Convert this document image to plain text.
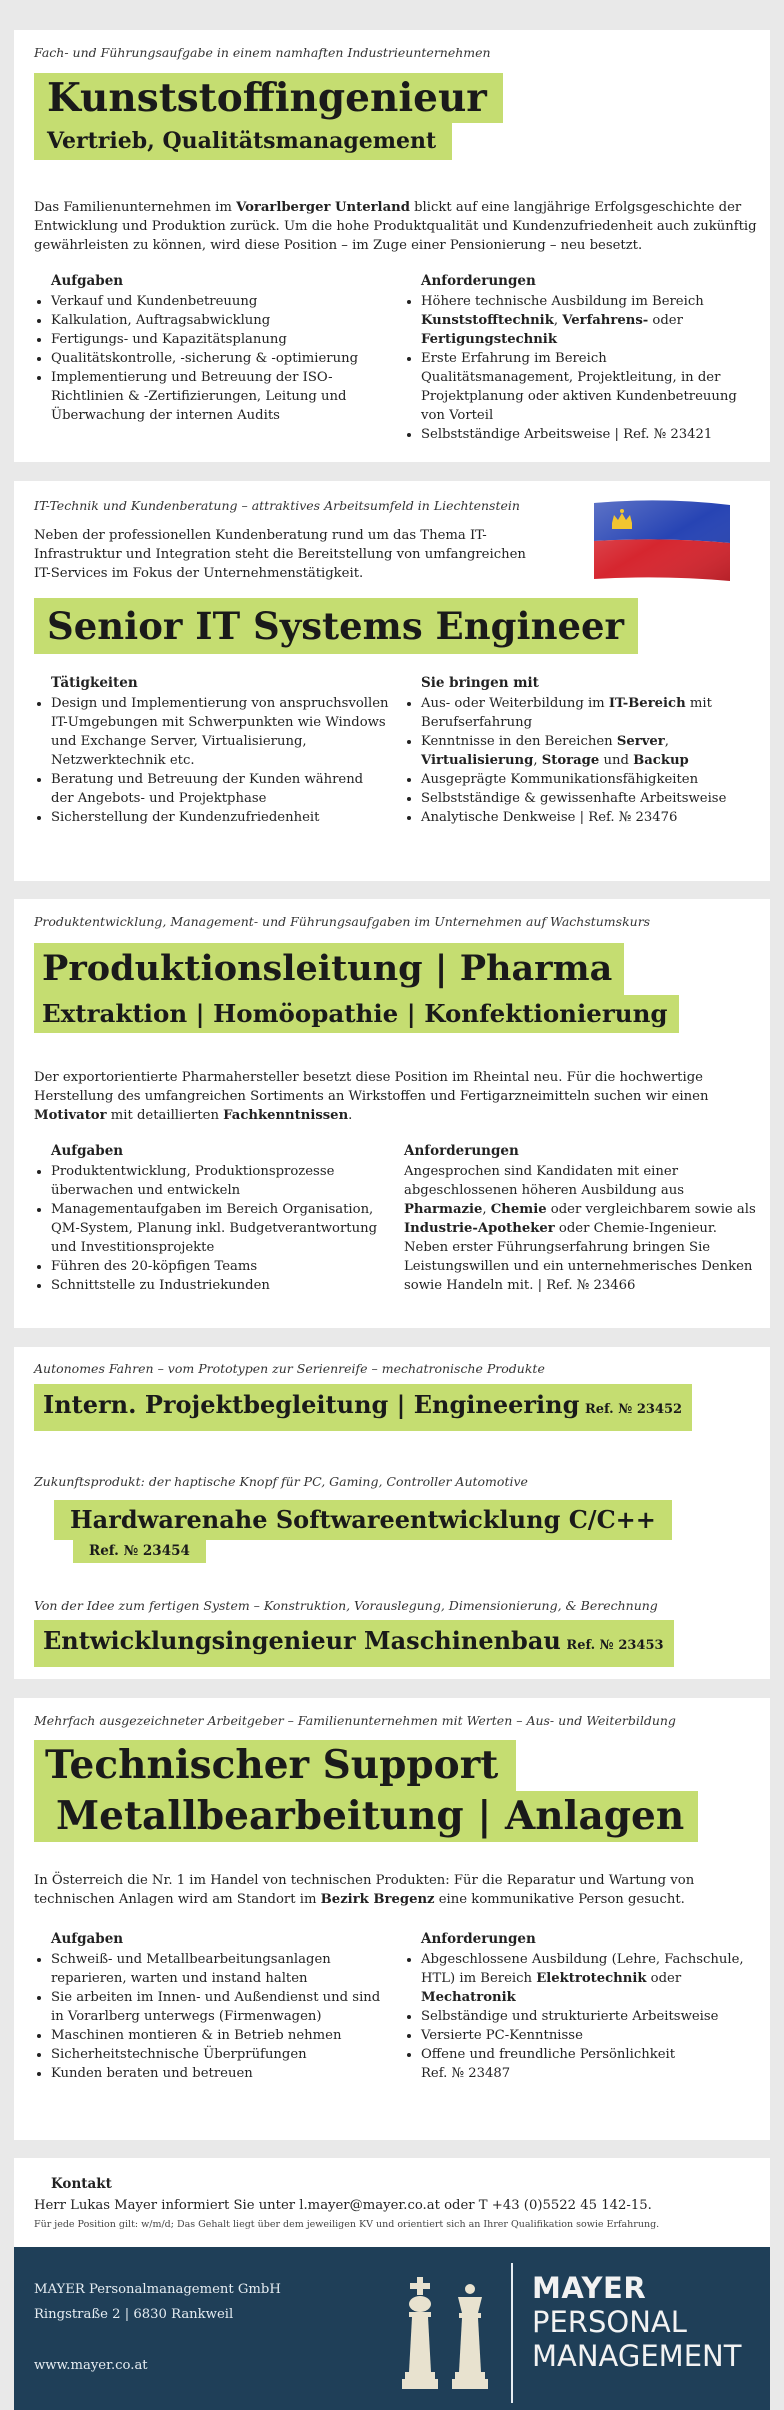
Fach- und Führungsaufgabe in einem namhaften Industrieunternehmen
Kunststoffingenieur
Vertrieb, Qualitätsmanagement
Das Familienunternehmen im Vorarlberger Unterland blickt auf eine langjährige Erfolgsgeschichte der Entwicklung und Produktion zurück. Um die hohe Produktqualität und Kundenzufriedenheit auch zukünftig gewährleisten zu können, wird diese Position – im Zuge einer Pensionierung – neu besetzt.
Aufgaben
• Verkauf und Kundenbetreuung
• Kalkulation, Auftragsabwicklung
• Fertigungs- und Kapazitätsplanung
• Qualitätskontrolle, -sicherung & -optimierung
• Implementierung und Betreuung der ISO-Richtlinien & -Zertifizierungen, Leitung und Überwachung der internen Audits
Anforderungen
• Höhere technische Ausbildung im Bereich Kunststofftechnik, Verfahrens- oder Fertigungstechnik
• Erste Erfahrung im Bereich Qualitätsmanagement, Projektleitung, in der Projektplanung oder aktiven Kundenbetreuung von Vorteil
• Selbstständige Arbeitsweise | Ref. № 23421
IT-Technik und Kundenberatung – attraktives Arbeitsumfeld in Liechtenstein
Neben der professionellen Kundenberatung rund um das Thema IT-Infrastruktur und Integration steht die Bereitstellung von umfangreichen IT-Services im Fokus der Unternehmenstätigkeit.
Senior IT Systems Engineer
Tätigkeiten
• Design und Implementierung von anspruchsvollen IT-Umgebungen mit Schwerpunkten wie Windows und Exchange Server, Virtualisierung, Netzwerktechnik etc.
• Beratung und Betreuung der Kunden während der Angebots- und Projektphase
• Sicherstellung der Kundenzufriedenheit
Sie bringen mit
• Aus- oder Weiterbildung im IT-Bereich mit Berufserfahrung
• Kenntnisse in den Bereichen Server, Virtualisierung, Storage und Backup
• Ausgeprägte Kommunikationsfähigkeiten
• Selbstständige & gewissenhafte Arbeitsweise
• Analytische Denkweise | Ref. № 23476
Produktentwicklung, Management- und Führungsaufgaben im Unternehmen auf Wachstumskurs
Produktionsleitung | Pharma
Extraktion | Homöopathie | Konfektionierung
Der exportorientierte Pharmahersteller besetzt diese Position im Rheintal neu. Für die hochwertige Herstellung des umfangreichen Sortiments an Wirkstoffen und Fertigarzneimitteln suchen wir einen Motivator mit detaillierten Fachkenntnissen.
Aufgaben
• Produktentwicklung, Produktionsprozesse überwachen und entwickeln
• Managementaufgaben im Bereich Organisation, QM-System, Planung inkl. Budgetverantwortung und Investitionsprojekte
• Führen des 20-köpfigen Teams
• Schnittstelle zu Industriekunden
Anforderungen
Angesprochen sind Kandidaten mit einer abgeschlossenen höheren Ausbildung aus Pharmazie, Chemie oder vergleichbarem sowie als Industrie-Apotheker oder Chemie-Ingenieur. Neben erster Führungserfahrung bringen Sie Leistungswillen und ein unternehmerisches Denken sowie Handeln mit. | Ref. № 23466
Autonomes Fahren – vom Prototypen zur Serienreife – mechatronische Produkte
Intern. Projektbegleitung | Engineering Ref. № 23452
Zukunftsprodukt: der haptische Knopf für PC, Gaming, Controller Automotive
Hardwarenahe Softwareentwicklung C/C++
Ref. № 23454
Von der Idee zum fertigen System – Konstruktion, Vorauslegung, Dimensionierung, & Berechnung
Entwicklungsingenieur Maschinenbau Ref. № 23453
Mehrfach ausgezeichneter Arbeitgeber – Familienunternehmen mit Werten – Aus- und Weiterbildung
Technischer Support
Metallbearbeitung | Anlagen
In Österreich die Nr. 1 im Handel von technischen Produkten: Für die Reparatur und Wartung von technischen Anlagen wird am Standort im Bezirk Bregenz eine kommunikative Person gesucht.
Aufgaben
• Schweiß- und Metallbearbeitungsanlagen reparieren, warten und instand halten
• Sie arbeiten im Innen- und Außendienst und sind in Vorarlberg unterwegs (Firmenwagen)
• Maschinen montieren & in Betrieb nehmen
• Sicherheitstechnische Überprüfungen
• Kunden beraten und betreuen
Anforderungen
• Abgeschlossene Ausbildung (Lehre, Fachschule, HTL) im Bereich Elektrotechnik oder Mechatronik
• Selbständige und strukturierte Arbeitsweise
• Versierte PC-Kenntnisse
• Offene und freundliche Persönlichkeit
Ref. № 23487
Kontakt
Herr Lukas Mayer informiert Sie unter l.mayer@mayer.co.at oder T +43 (0)5522 45 142-15.
Für jede Position gilt: w/m/d; Das Gehalt liegt über dem jeweiligen KV und orientiert sich an Ihrer Qualifikation sowie Erfahrung.
MAYER Personalmanagement GmbH
Ringstraße 2 | 6830 Rankweil
www.mayer.co.at
MAYER
PERSONAL
MANAGEMENT
